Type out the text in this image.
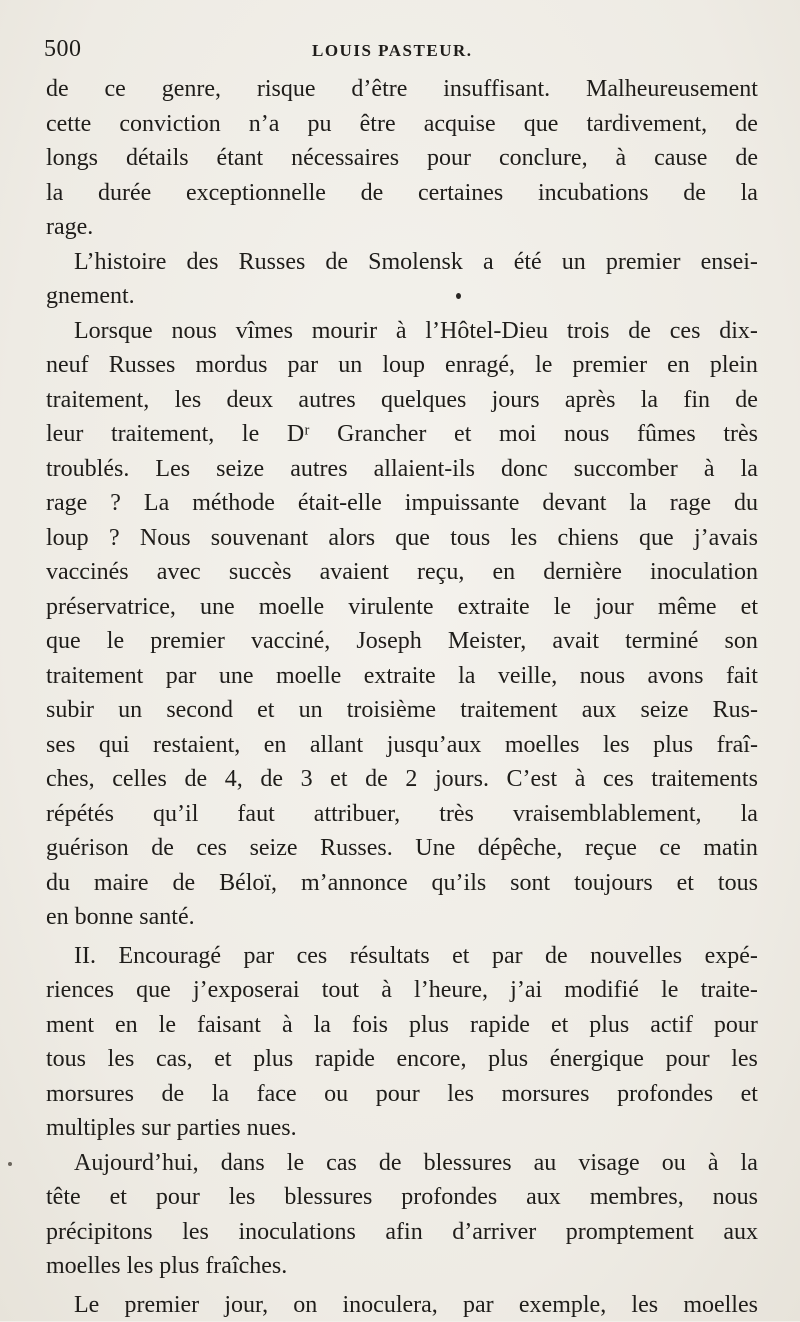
500	LOUIS PASTEUR.
de ce genre, risque d’être insuffisant. Malheureusement
cette conviction n’a pu être acquise que tardivement, de
longs détails étant nécessaires pour conclure, à cause de
la durée exceptionnelle de certaines incubations de la
rage.
L’histoire des Russes de Smolensk a été un premier ensei-
gnement.
Lorsque nous vîmes mourir à l’Hôtel-Dieu trois de ces dix-
neuf Russes mordus par un loup enragé, le premier en plein
traitement, les deux autres quelques jours après la fin de
leur traitement, le Dʳ Grancher et moi nous fûmes très
troublés. Les seize autres allaient-ils donc succomber à la
rage ? La méthode était-elle impuissante devant la rage du
loup ? Nous souvenant alors que tous les chiens que j’avais
vaccinés avec succès avaient reçu, en dernière inoculation
préservatrice, une moelle virulente extraite le jour même et
que le premier vacciné, Joseph Meister, avait terminé son
traitement par une moelle extraite la veille, nous avons fait
subir un second et un troisième traitement aux seize Rus-
ses qui restaient, en allant jusqu’aux moelles les plus fraî-
ches, celles de 4, de 3 et de 2 jours. C’est à ces traitements
répétés qu’il faut attribuer, très vraisemblablement, la
guérison de ces seize Russes. Une dépêche, reçue ce matin
du maire de Béloï, m’annonce qu’ils sont toujours et tous
en bonne santé.
II. Encouragé par ces résultats et par de nouvelles expé-
riences que j’exposerai tout à l’heure, j’ai modifié le traite-
ment en le faisant à la fois plus rapide et plus actif pour
tous les cas, et plus rapide encore, plus énergique pour les
morsures de la face ou pour les morsures profondes et
multiples sur parties nues.
Aujourd’hui, dans le cas de blessures au visage ou à la
tête et pour les blessures profondes aux membres, nous
précipitons les inoculations afin d’arriver promptement aux
moelles les plus fraîches.
Le premier jour, on inoculera, par exemple, les moelles
